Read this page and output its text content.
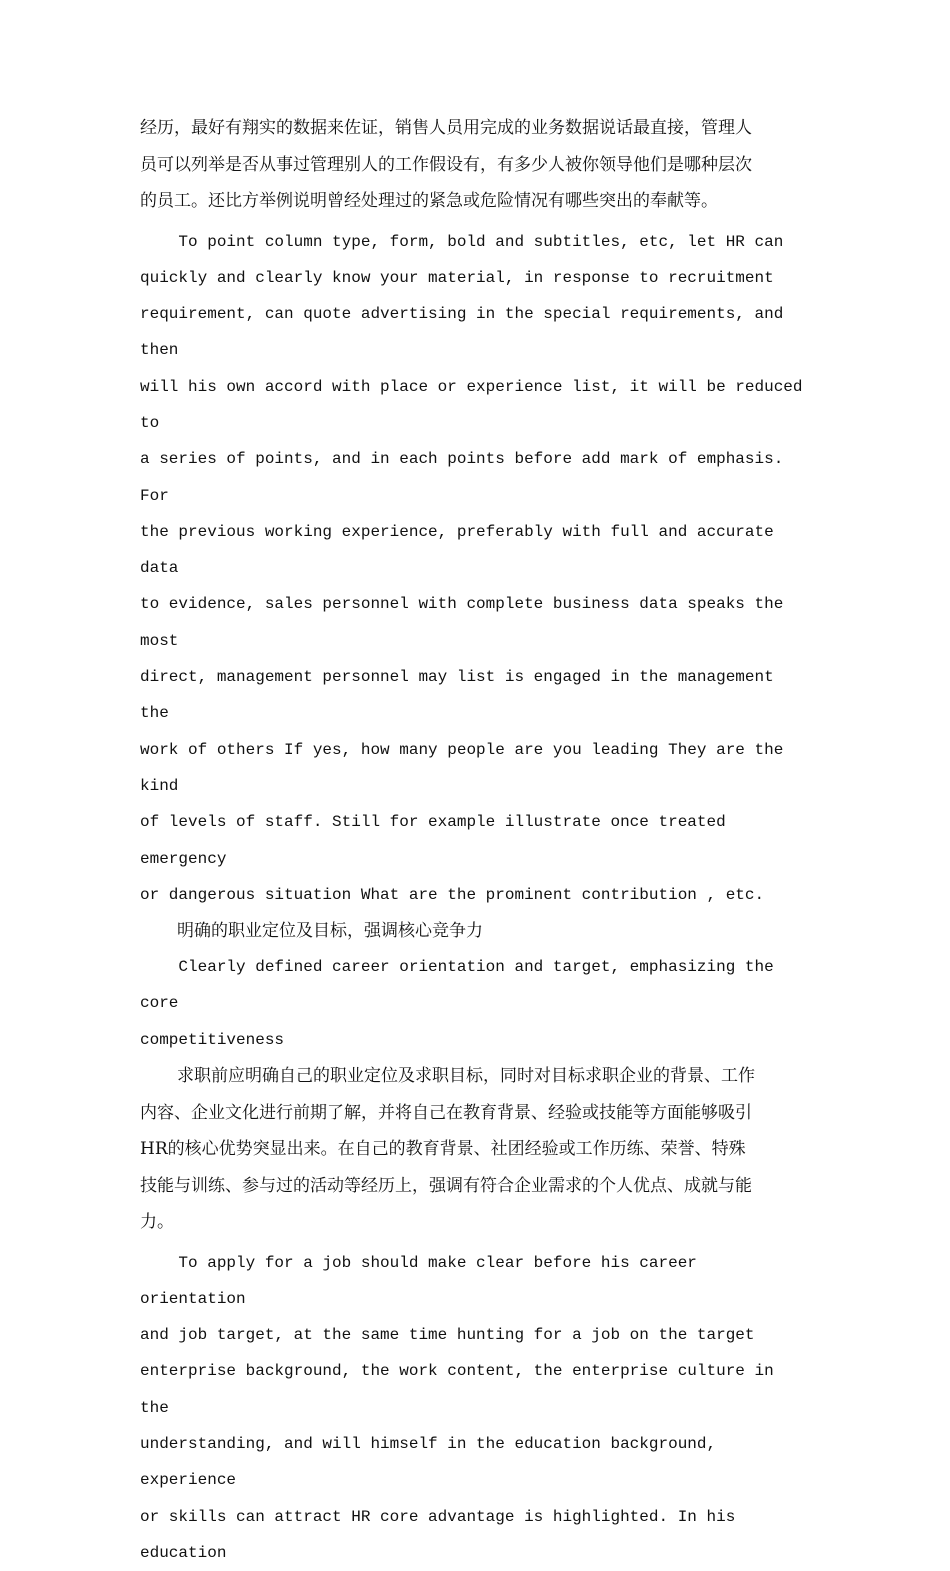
经历，最好有翔实的数据来佐证，销售人员用完成的业务数据说话最直接，管理人
员可以列举是否从事过管理别人的工作假设有，有多少人被你领导他们是哪种层次
的员工。还比方举例说明曾经处理过的紧急或危险情况有哪些突出的奉献等。
To point column type, form, bold and subtitles, etc, let HR can
quickly and clearly know your material, in response to recruitment
requirement, can quote advertising in the special requirements, and then
will his own accord with place or experience list, it will be reduced to
a series of points, and in each points before add mark of emphasis. For
the previous working experience, preferably with full and accurate data
to evidence, sales personnel with complete business data speaks the most
direct, management personnel may list is engaged in the management the
work of others If yes, how many people are you leading They are the kind
of levels of staff. Still for example illustrate once treated emergency
or dangerous situation What are the prominent contribution , etc.
明确的职业定位及目标，强调核心竞争力
Clearly defined career orientation and target, emphasizing the core
competitiveness
求职前应明确自己的职业定位及求职目标，同时对目标求职企业的背景、工作
内容、企业文化进行前期了解，并将自己在教育背景、经验或技能等方面能够吸引
HR的核心优势突显出来。在自己的教育背景、社团经验或工作历练、荣誉、特殊
技能与训练、参与过的活动等经历上，强调有符合企业需求的个人优点、成就与能
力。
To apply for a job should make clear before his career orientation
and job target, at the same time hunting for a job on the target
enterprise background, the work content, the enterprise culture in the
understanding, and will himself in the education background, experience
or skills can attract HR core advantage is highlighted. In his education
